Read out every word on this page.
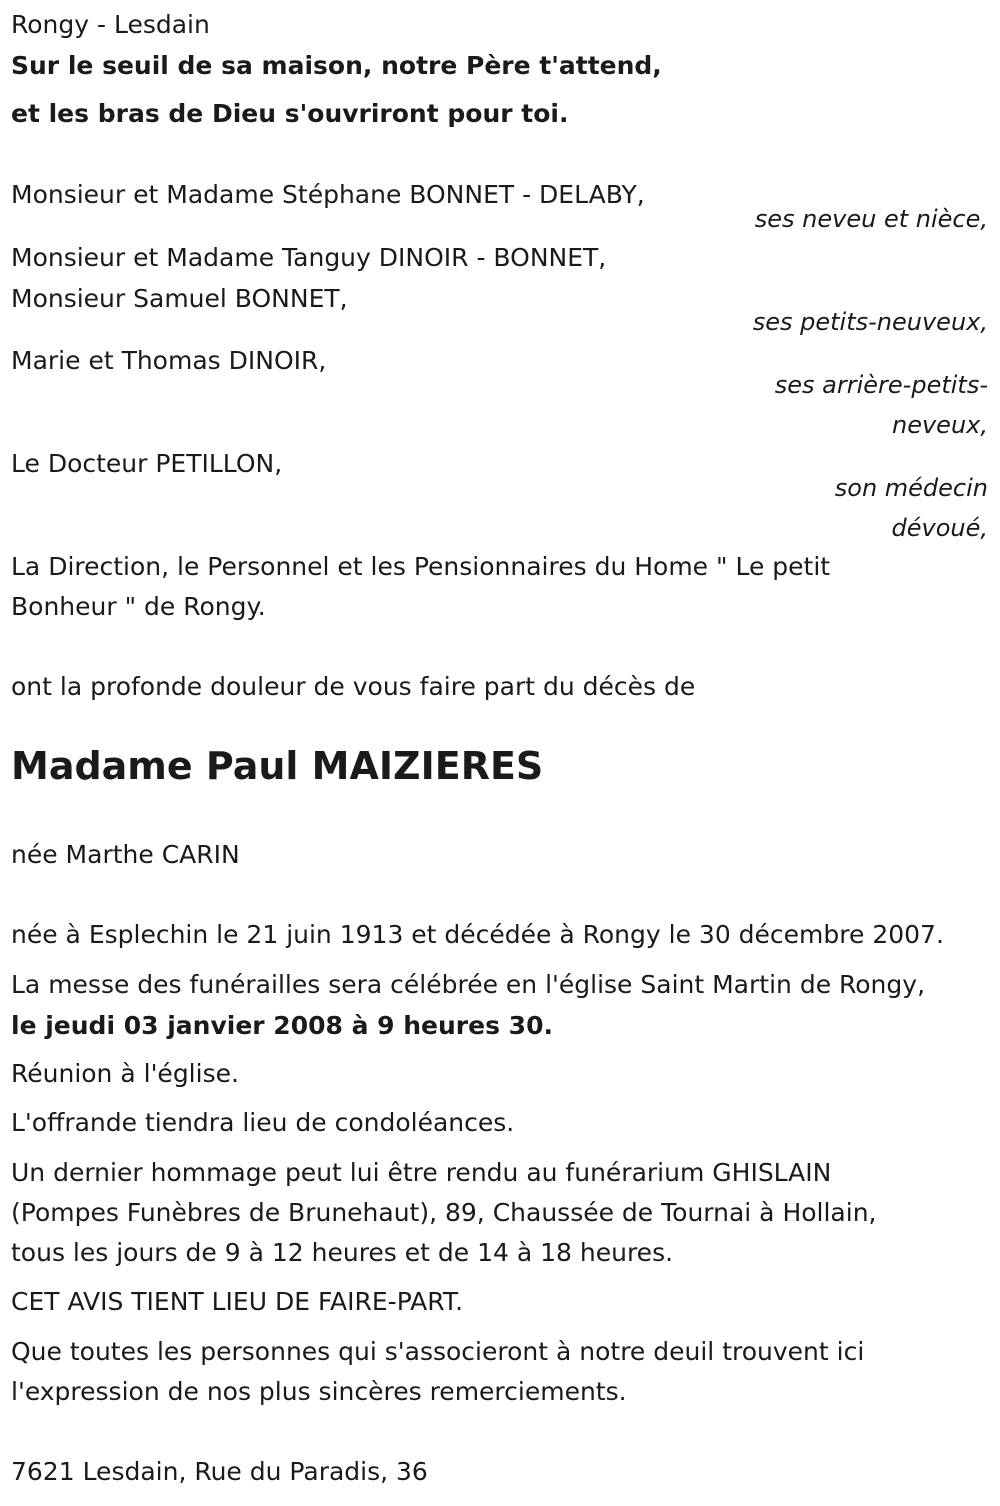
Rongy - Lesdain
Sur le seuil de sa maison, notre Père t'attend,
et les bras de Dieu s'ouvriront pour toi.
Monsieur et Madame Stéphane BONNET - DELABY,
ses neveu et nièce,
Monsieur et Madame Tanguy DINOIR - BONNET,
Monsieur Samuel BONNET,
ses petits-neuveux,
Marie et Thomas DINOIR,
ses arrière-petits-
neveux,
Le Docteur PETILLON,
son médecin
dévoué,
La Direction, le Personnel et les Pensionnaires du Home " Le petit
Bonheur " de Rongy.
ont la profonde douleur de vous faire part du décès de
Madame Paul MAIZIERES
née Marthe CARIN
née à Esplechin le 21 juin 1913 et décédée à Rongy le 30 décembre 2007.
La messe des funérailles sera célébrée en l'église Saint Martin de Rongy,
le jeudi 03 janvier 2008 à 9 heures 30.
Réunion à l'église.
L'offrande tiendra lieu de condoléances.
Un dernier hommage peut lui être rendu au funérarium GHISLAIN
(Pompes Funèbres de Brunehaut), 89, Chaussée de Tournai à Hollain,
tous les jours de 9 à 12 heures et de 14 à 18 heures.
CET AVIS TIENT LIEU DE FAIRE-PART.
Que toutes les personnes qui s'associeront à notre deuil trouvent ici
l'expression de nos plus sincères remerciements.
7621 Lesdain, Rue du Paradis, 36
